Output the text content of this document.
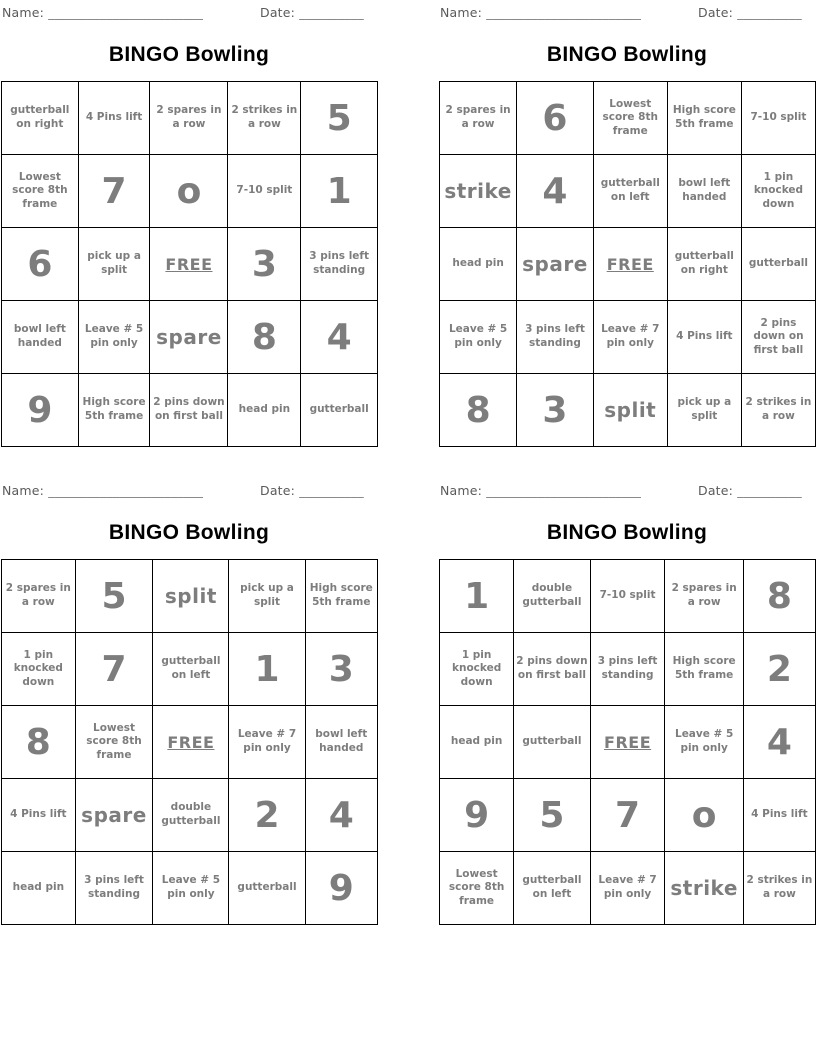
Name: ________________________	Date: __________
BINGO Bowling
gutterball on right	4 Pins lift	2 spares in a row	2 strikes in a row	5
Lowest score 8th frame	7	o	7-10 split	1
6	pick up a split	FREE	3	3 pins left standing
bowl left handed	Leave # 5 pin only	spare	8	4
9	High score 5th frame	2 pins down on first ball	head pin	gutterball
Name: ________________________	Date: __________
BINGO Bowling
2 spares in a row	6	Lowest score 8th frame	High score 5th frame	7-10 split
strike	4	gutterball on left	bowl left handed	1 pin knocked down
head pin	spare	FREE	gutterball on right	gutterball
Leave # 5 pin only	3 pins left standing	Leave # 7 pin only	4 Pins lift	2 pins down on first ball
8	3	split	pick up a split	2 strikes in a row
Name: ________________________	Date: __________
BINGO Bowling
2 spares in a row	5	split	pick up a split	High score 5th frame
1 pin knocked down	7	gutterball on left	1	3
8	Lowest score 8th frame	FREE	Leave # 7 pin only	bowl left handed
4 Pins lift	spare	double gutterball	2	4
head pin	3 pins left standing	Leave # 5 pin only	gutterball	9
Name: ________________________	Date: __________
BINGO Bowling
1	double gutterball	7-10 split	2 spares in a row	8
1 pin knocked down	2 pins down on first ball	3 pins left standing	High score 5th frame	2
head pin	gutterball	FREE	Leave # 5 pin only	4
9	5	7	o	4 Pins lift
Lowest score 8th frame	gutterball on left	Leave # 7 pin only	strike	2 strikes in a row
